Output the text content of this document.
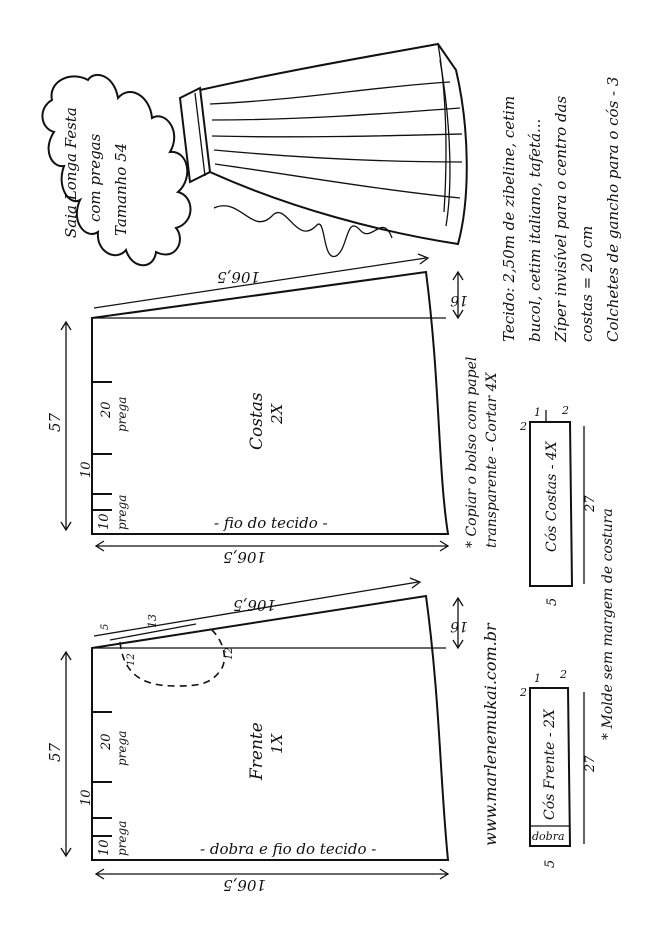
Saia Longa Festa com pregas Tamanho 54	Tecido: 2,50m de zibeline, cetim bucol, cetim italiano, tafetá... Zíper invisível para o centro das costas = 20 cm Colchetes de gancho para o cós - 3
106,5
106,5
57
16
20 prega
10
10 prega
Costas 2X
- fio do tecido -	* Copiar o bolso com papel transparente - Cortar 4X	Cós Costas - 4X 27
5
1 2
2
106,5
106,5
57
16
5	13
12	12
20 prega
10
10 prega
Frente 1X
- dobra e fio do tecido -
www.marlenemukai.com.br	Cós Frente - 2X
dobra
27
5
1 2
2	* Molde sem margem de costura
